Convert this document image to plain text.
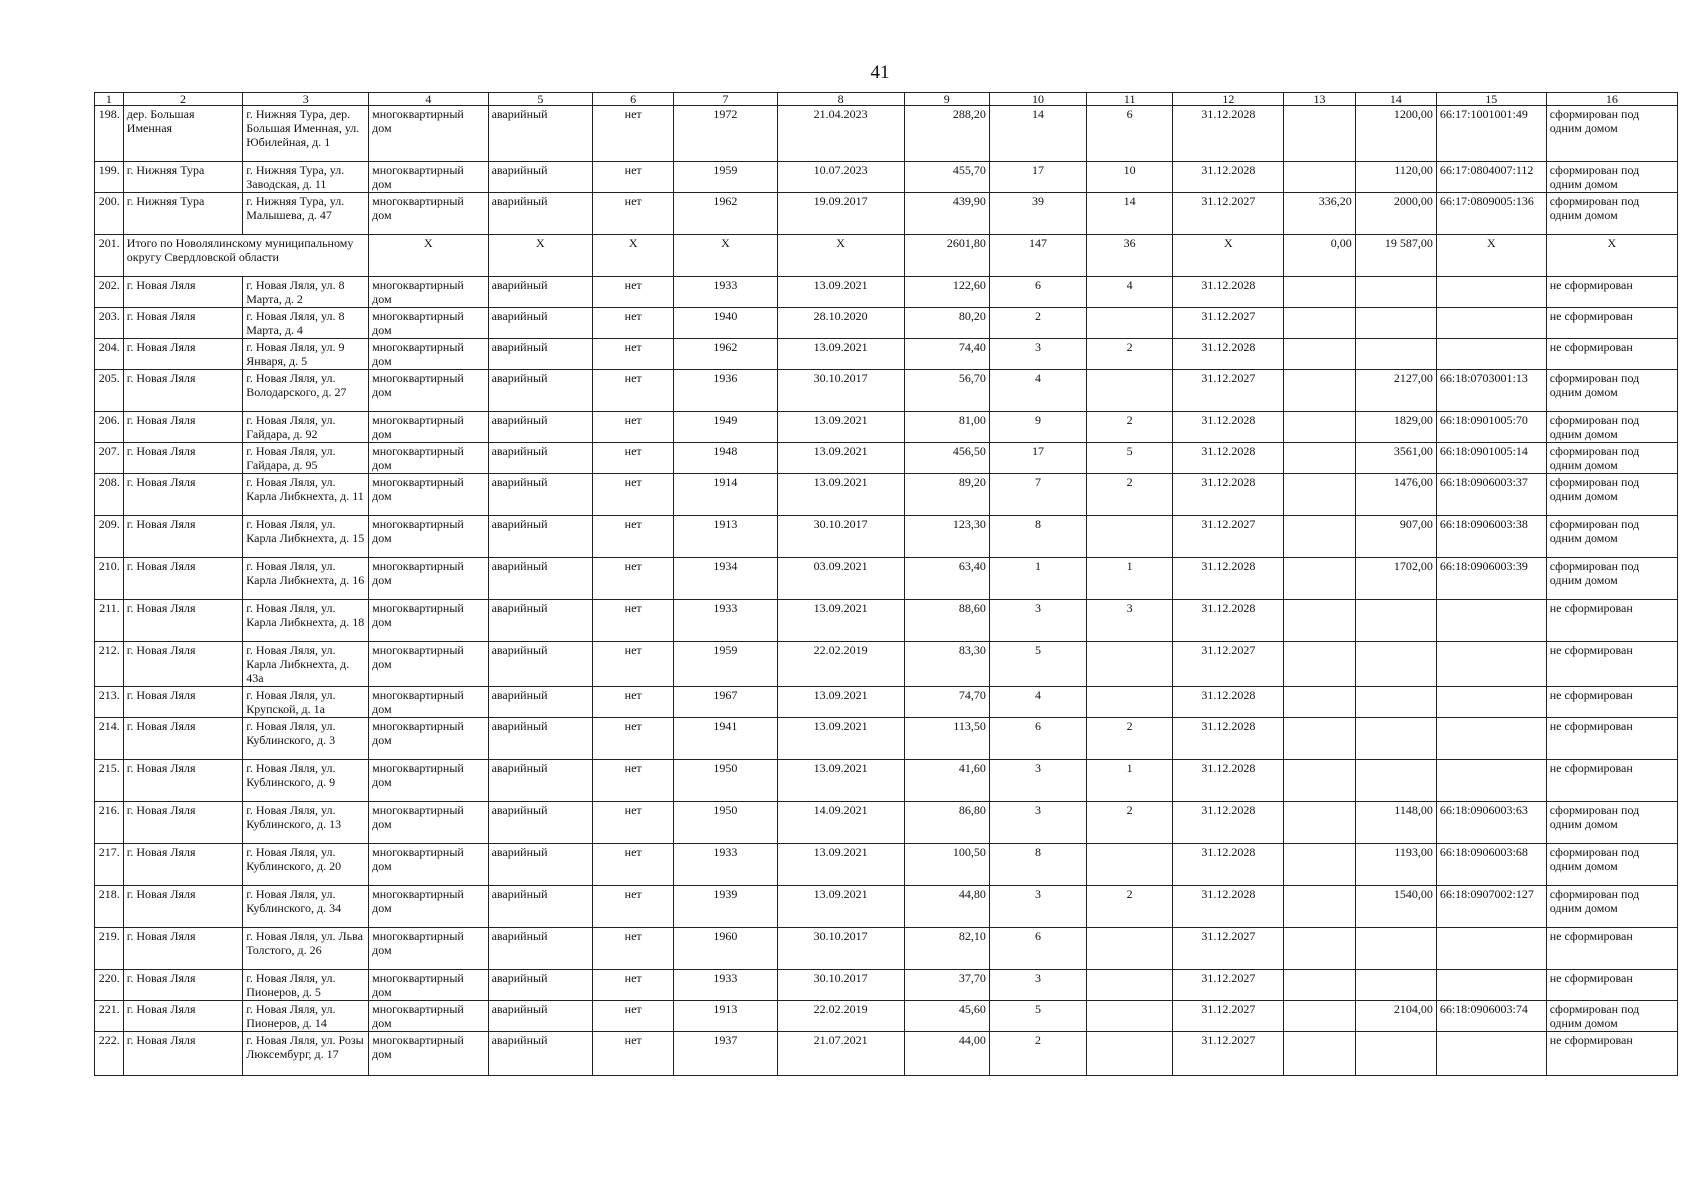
41
1	2	3	4	5	6	7	8	9	10	11	12	13	14	15	16
198.	дер. Большая Именная	г. Нижняя Тура, дер. Большая Именная, ул. Юбилейная, д. 1	многоквартирный дом	аварийный	нет	1972	21.04.2023	288,20	14	6	31.12.2028		1200,00	66:17:1001001:49	сформирован под одним домом
199.	г. Нижняя Тура	г. Нижняя Тура, ул. Заводская, д. 11	многоквартирный дом	аварийный	нет	1959	10.07.2023	455,70	17	10	31.12.2028		1120,00	66:17:0804007:112	сформирован под одним домом
200.	г. Нижняя Тура	г. Нижняя Тура, ул. Малышева, д. 47	многоквартирный дом	аварийный	нет	1962	19.09.2017	439,90	39	14	31.12.2027	336,20	2000,00	66:17:0809005:136	сформирован под одним домом
201.	Итого по Новолялинскому муниципальному округу Свердловской области		X	X	X	X	X	2601,80	147	36	X	0,00	19 587,00	X	X
202.	г. Новая Ляля	г. Новая Ляля, ул. 8 Марта, д. 2	многоквартирный дом	аварийный	нет	1933	13.09.2021	122,60	6	4	31.12.2028				не сформирован
203.	г. Новая Ляля	г. Новая Ляля, ул. 8 Марта, д. 4	многоквартирный дом	аварийный	нет	1940	28.10.2020	80,20	2		31.12.2027				не сформирован
204.	г. Новая Ляля	г. Новая Ляля, ул. 9 Января, д. 5	многоквартирный дом	аварийный	нет	1962	13.09.2021	74,40	3	2	31.12.2028				не сформирован
205.	г. Новая Ляля	г. Новая Ляля, ул. Володарского, д. 27	многоквартирный дом	аварийный	нет	1936	30.10.2017	56,70	4		31.12.2027		2127,00	66:18:0703001:13	сформирован под одним домом
206.	г. Новая Ляля	г. Новая Ляля, ул. Гайдара, д. 92	многоквартирный дом	аварийный	нет	1949	13.09.2021	81,00	9	2	31.12.2028		1829,00	66:18:0901005:70	сформирован под одним домом
207.	г. Новая Ляля	г. Новая Ляля, ул. Гайдара, д. 95	многоквартирный дом	аварийный	нет	1948	13.09.2021	456,50	17	5	31.12.2028		3561,00	66:18:0901005:14	сформирован под одним домом
208.	г. Новая Ляля	г. Новая Ляля, ул. Карла Либкнехта, д. 11	многоквартирный дом	аварийный	нет	1914	13.09.2021	89,20	7	2	31.12.2028		1476,00	66:18:0906003:37	сформирован под одним домом
209.	г. Новая Ляля	г. Новая Ляля, ул. Карла Либкнехта, д. 15	многоквартирный дом	аварийный	нет	1913	30.10.2017	123,30	8		31.12.2027		907,00	66:18:0906003:38	сформирован под одним домом
210.	г. Новая Ляля	г. Новая Ляля, ул. Карла Либкнехта, д. 16	многоквартирный дом	аварийный	нет	1934	03.09.2021	63,40	1	1	31.12.2028		1702,00	66:18:0906003:39	сформирован под одним домом
211.	г. Новая Ляля	г. Новая Ляля, ул. Карла Либкнехта, д. 18	многоквартирный дом	аварийный	нет	1933	13.09.2021	88,60	3	3	31.12.2028				не сформирован
212.	г. Новая Ляля	г. Новая Ляля, ул. Карла Либкнехта, д. 43а	многоквартирный дом	аварийный	нет	1959	22.02.2019	83,30	5		31.12.2027				не сформирован
213.	г. Новая Ляля	г. Новая Ляля, ул. Крупской, д. 1а	многоквартирный дом	аварийный	нет	1967	13.09.2021	74,70	4		31.12.2028				не сформирован
214.	г. Новая Ляля	г. Новая Ляля, ул. Кублинского, д. 3	многоквартирный дом	аварийный	нет	1941	13.09.2021	113,50	6	2	31.12.2028				не сформирован
215.	г. Новая Ляля	г. Новая Ляля, ул. Кублинского, д. 9	многоквартирный дом	аварийный	нет	1950	13.09.2021	41,60	3	1	31.12.2028				не сформирован
216.	г. Новая Ляля	г. Новая Ляля, ул. Кублинского, д. 13	многоквартирный дом	аварийный	нет	1950	14.09.2021	86,80	3	2	31.12.2028		1148,00	66:18:0906003:63	сформирован под одним домом
217.	г. Новая Ляля	г. Новая Ляля, ул. Кублинского, д. 20	многоквартирный дом	аварийный	нет	1933	13.09.2021	100,50	8		31.12.2028		1193,00	66:18:0906003:68	сформирован под одним домом
218.	г. Новая Ляля	г. Новая Ляля, ул. Кублинского, д. 34	многоквартирный дом	аварийный	нет	1939	13.09.2021	44,80	3	2	31.12.2028		1540,00	66:18:0907002:127	сформирован под одним домом
219.	г. Новая Ляля	г. Новая Ляля, ул. Льва Толстого, д. 26	многоквартирный дом	аварийный	нет	1960	30.10.2017	82,10	6		31.12.2027				не сформирован
220.	г. Новая Ляля	г. Новая Ляля, ул. Пионеров, д. 5	многоквартирный дом	аварийный	нет	1933	30.10.2017	37,70	3		31.12.2027				не сформирован
221.	г. Новая Ляля	г. Новая Ляля, ул. Пионеров, д. 14	многоквартирный дом	аварийный	нет	1913	22.02.2019	45,60	5		31.12.2027		2104,00	66:18:0906003:74	сформирован под одним домом
222.	г. Новая Ляля	г. Новая Ляля, ул. Розы Люксембург, д. 17	многоквартирный дом	аварийный	нет	1937	21.07.2021	44,00	2		31.12.2027				не сформирован
